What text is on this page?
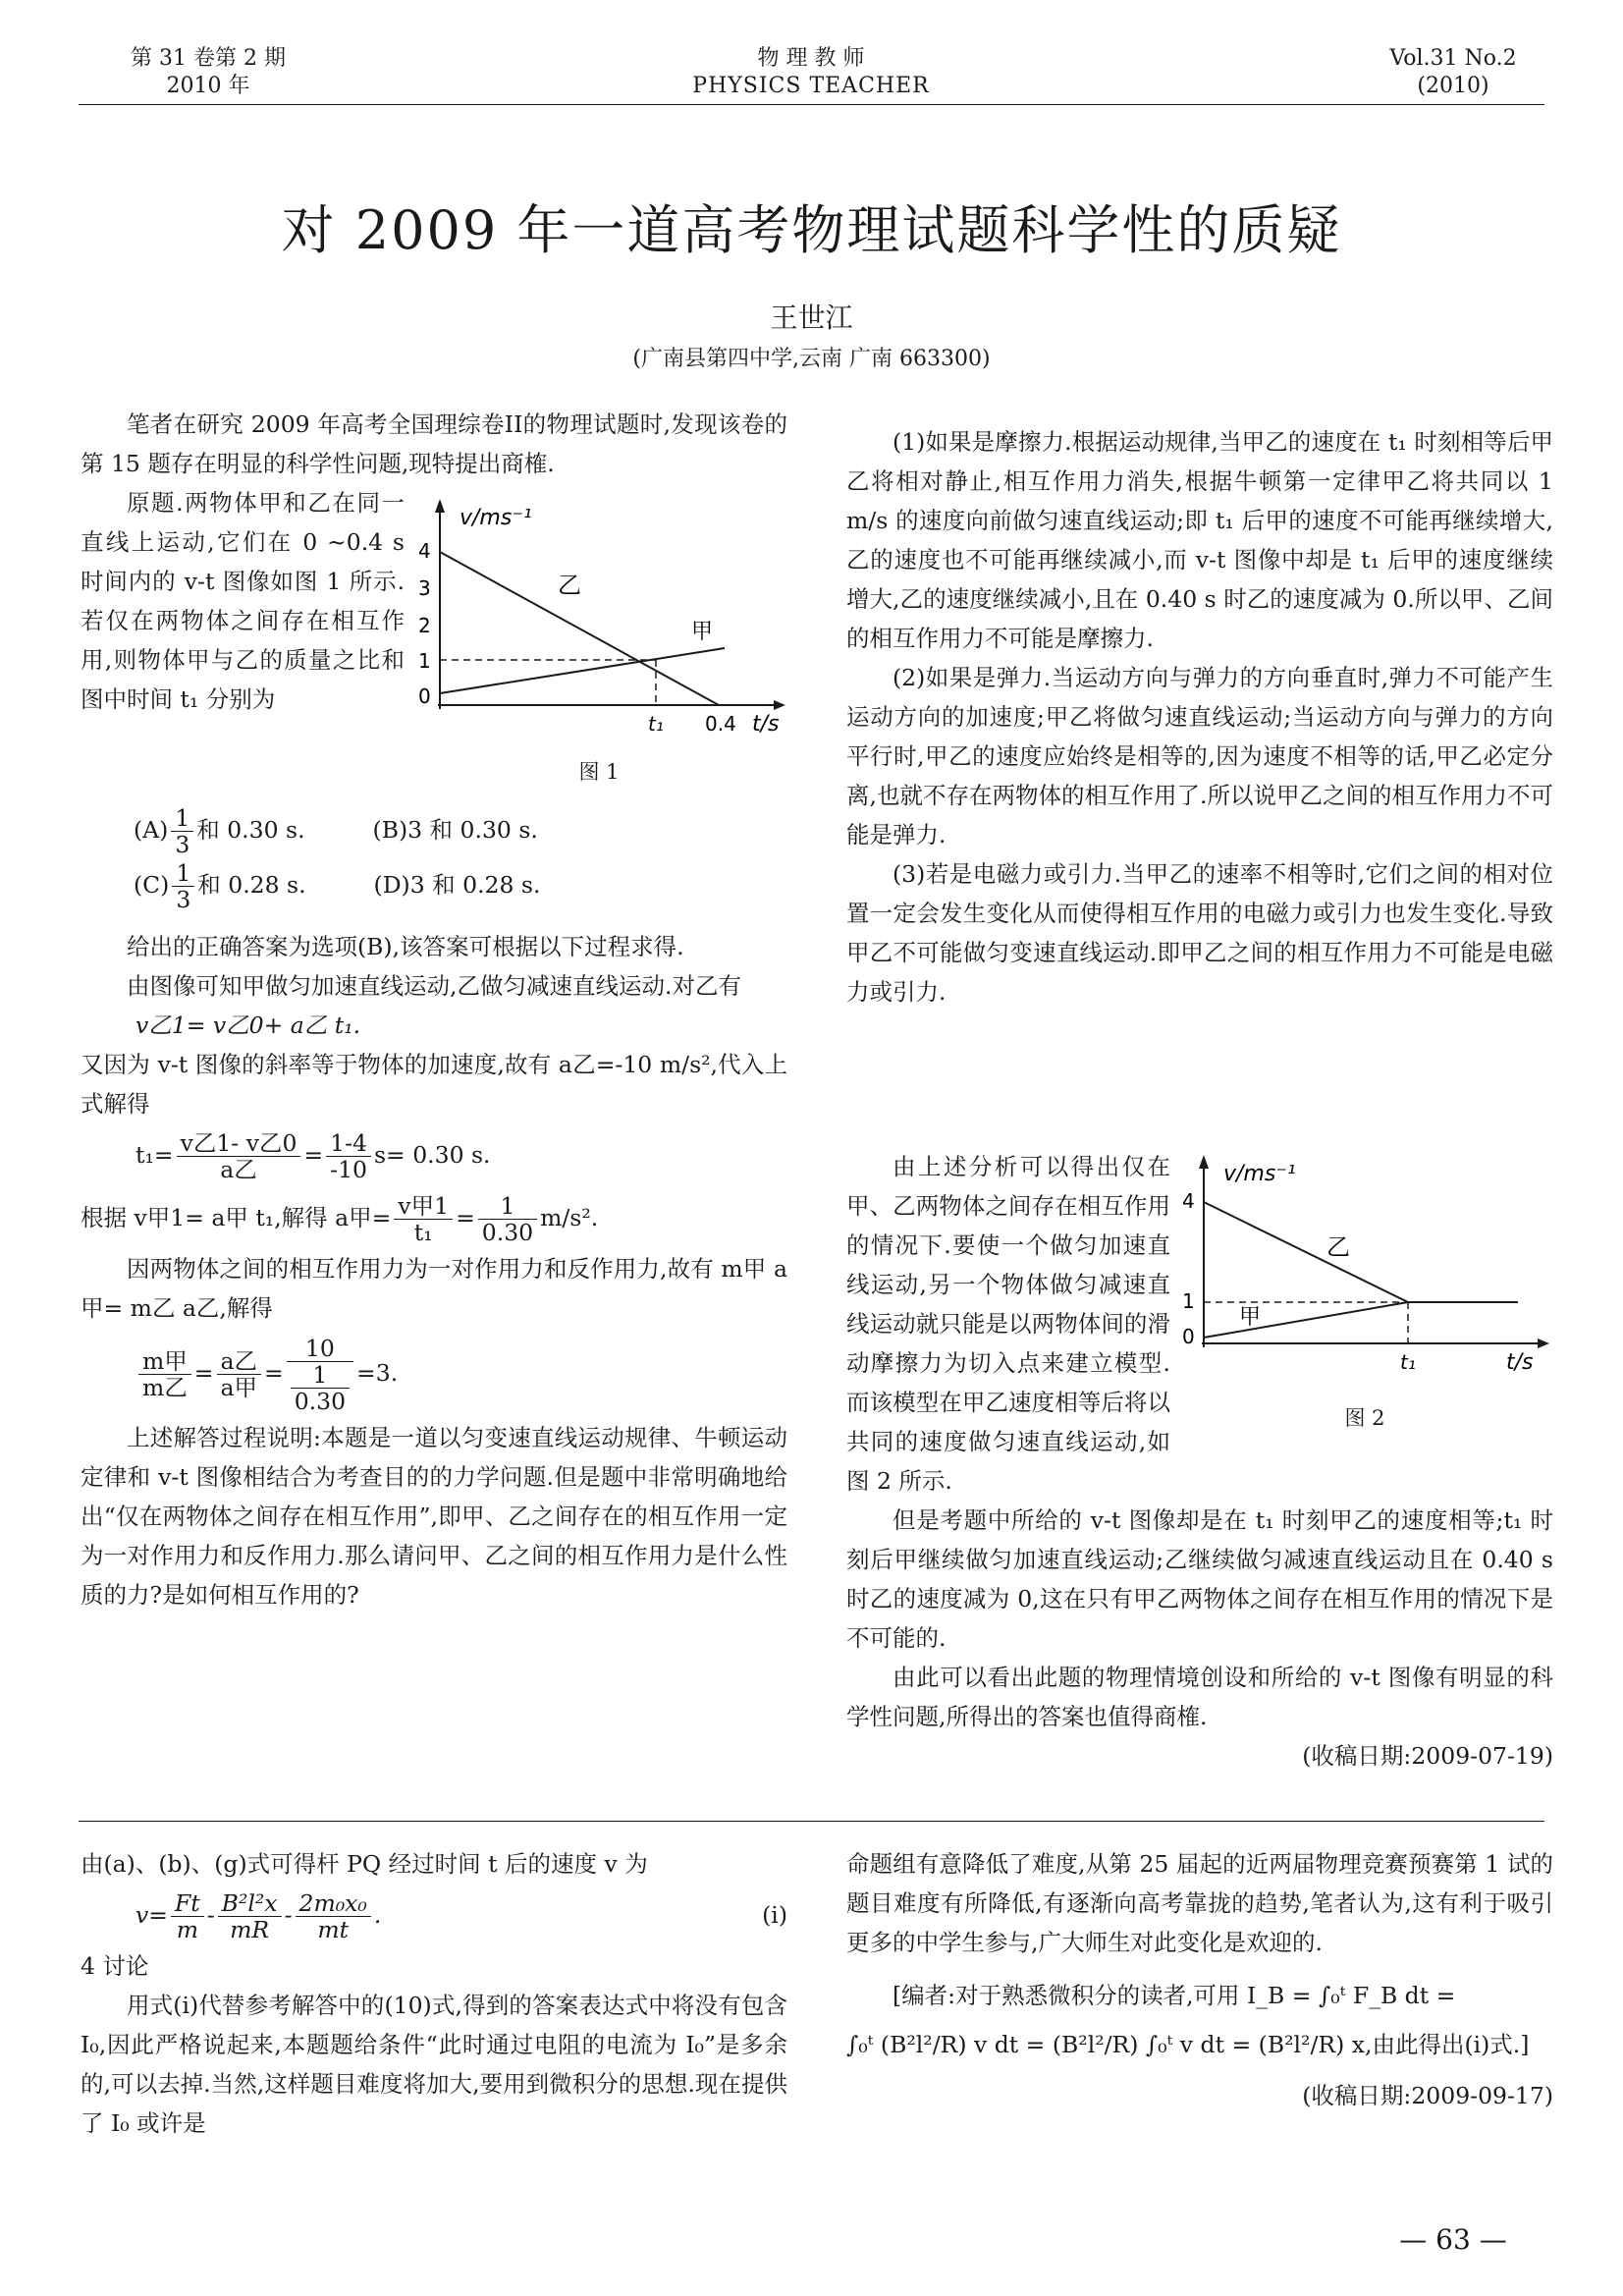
第 31 卷第 2 期
2010 年
物 理 教 师
PHYSICS TEACHER
Vol.31 No.2
(2010)
对 2009 年一道高考物理试题科学性的质疑
王世江
(广南县第四中学,云南 广南 663300)

笔者在研究 2009 年高考全国理综卷II的物理试题时,发现该卷的第 15 题存在明显的科学性问题,现特提出商榷.

原题.两物体甲和乙在同一直线上运动,它们在 0 ~0.4 s 时间内的 v-t 图像如图 1 所示.若仅在两物体之间存在相互作用,则物体甲与乙的质量之比和图中时间 t₁ 分别为

v/ms⁻¹
4
3
2
1
0
乙
甲
t₁ 0.4 t/s
图 1
$(A) \frac{1}{3}$ 和 0.30 s.	(B)3 和 0.30 s.
$(C) \frac{1}{3}$ 和 0.28 s.	(D)3 和 0.28 s.

给出的正确答案为选项(B),该答案可根据以下过程求得.

由图像可知甲做匀加速直线运动,乙做匀减速直线运动.对乙有

v乙1= v乙0+ a乙 t₁.

又因为 v-t 图像的斜率等于物体的加速度,故有 a乙=-10 m/s²,代入上式解得

$t_1= \frac{\text{v乙1- v乙0}}{\text{a乙}} = \frac{1-4}{-10} s= 0.30$ s.

根据 v甲1= a甲 t₁,解得 a甲= $\frac{\text{v甲1}}{\text{t₁}} = \frac{1}{0.30} m/s^2$.

因两物体之间的相互作用力为一对作用力和反作用力,故有 m甲 a甲= m乙 a乙,解得

$\frac{\text{m甲}}{\text{m乙}} = \frac{\text{a乙}}{\text{a甲}} = \frac{10}{\frac{1}{0.30}} =3$.

上述解答过程说明:本题是一道以匀变速直线运动规律、牛顿运动定律和 v-t 图像相结合为考查目的的力学问题.但是题中非常明确地给出“仅在两物体之间存在相互作用”,即甲、乙之间存在的相互作用一定为一对作用力和反作用力.那么请问甲、乙之间的相互作用力是什么性质的力?是如何相互作用的?

(1)如果是摩擦力.根据运动规律,当甲乙的速度在 t₁ 时刻相等后甲乙将相对静止,相互作用力消失,根据牛顿第一定律甲乙将共同以 1 m/s 的速度向前做匀速直线运动;即 t₁ 后甲的速度不可能再继续增大,乙的速度也不可能再继续减小,而 v-t 图像中却是 t₁ 后甲的速度继续增大,乙的速度继续减小,且在 0.40 s 时乙的速度减为 0.所以甲、乙间的相互作用力不可能是摩擦力.

(2)如果是弹力.当运动方向与弹力的方向垂直时,弹力不可能产生运动方向的加速度;甲乙将做匀速直线运动;当运动方向与弹力的方向平行时,甲乙的速度应始终是相等的,因为速度不相等的话,甲乙必定分离,也就不存在两物体的相互作用了.所以说甲乙之间的相互作用力不可能是弹力.

(3)若是电磁力或引力.当甲乙的速率不相等时,它们之间的相对位置一定会发生变化从而使得相互作用的电磁力或引力也发生变化.导致甲乙不可能做匀变速直线运动.即甲乙之间的相互作用力不可能是电磁力或引力.

由上述分析可以得出仅在甲、乙两物体之间存在相互作用的情况下.要使一个做匀加速直线运动,另一个物体做匀减速直线运动就只能是以两物体间的滑动摩擦力为切入点来建立模型.而该模型在甲乙速度相等后将以共同的速度做匀速直线运动,如图 2 所示.

v/ms⁻¹
4
1
0
乙
甲
t₁	t/s
图 2

但是考题中所给的 v-t 图像却是在 t₁ 时刻甲乙的速度相等;t₁ 时刻后甲继续做匀加速直线运动;乙继续做匀减速直线运动且在 0.40 s 时乙的速度减为 0,这在只有甲乙两物体之间存在相互作用的情况下是不可能的.

由此可以看出此题的物理情境创设和所给的 v-t 图像有明显的科学性问题,所得出的答案也值得商榷.

(收稿日期:2009-07-19)

由(a)、(b)、(g)式可得杆 PQ 经过时间 t 后的速度 v 为

$v= \frac{Ft}{m} - \frac{\text{B²l²x}}{mR} - \frac{\text{2m₀x₀}}{mt}$ .	(i)

4 讨论

用式(i)代替参考解答中的(10)式,得到的答案表达式中将没有包含 I₀,因此严格说起来,本题题给条件“此时通过电阻的电流为 I₀”是多余的,可以去掉.当然,这样题目难度将加大,要用到微积分的思想.现在提供了 I₀ 或许是

命题组有意降低了难度,从第 25 届起的近两届物理竞赛预赛第 1 试的题目难度有所降低,有逐渐向高考靠拢的趋势,笔者认为,这有利于吸引更多的中学生参与,广大师生对此变化是欢迎的.

[编者:对于熟悉微积分的读者,可用 I_B = ∫₀ᵗ F_B dt =

∫₀ᵗ (B²l²/R) v dt = (B²l²/R) ∫₀ᵗ v dt = (B²l²/R) x,由此得出(i)式.]

(收稿日期:2009-09-17)

— 63 —
